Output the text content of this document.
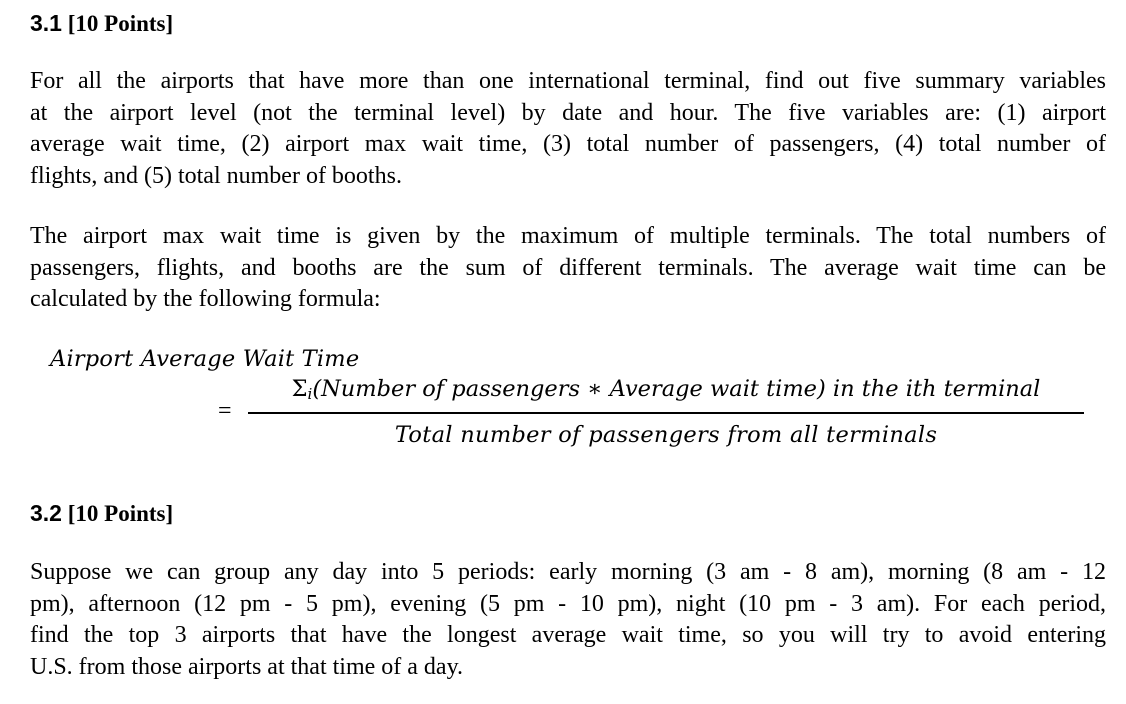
3.1 [10 Points]

For all the airports that have more than one international terminal, find out five summary variables
at the airport level (not the terminal level) by date and hour. The five variables are: (1) airport
average wait time, (2) airport max wait time, (3) total number of passengers, (4) total number of
flights, and (5) total number of booths.

The airport max wait time is given by the maximum of multiple terminals. The total numbers of
passengers, flights, and booths are the sum of different terminals. The average wait time can be
calculated by the following formula:

Airport Average Wait Time
=
$\Sigma_i(Number$ of passengers ∗ Average wait time) in the ith terminal
Total number of passengers from all terminals
3.2 [10 Points]

Suppose we can group any day into 5 periods: early morning (3 am - 8 am), morning (8 am - 12
pm), afternoon (12 pm - 5 pm), evening (5 pm - 10 pm), night (10 pm - 3 am). For each period,
find the top 3 airports that have the longest average wait time, so you will try to avoid entering
U.S. from those airports at that time of a day.
